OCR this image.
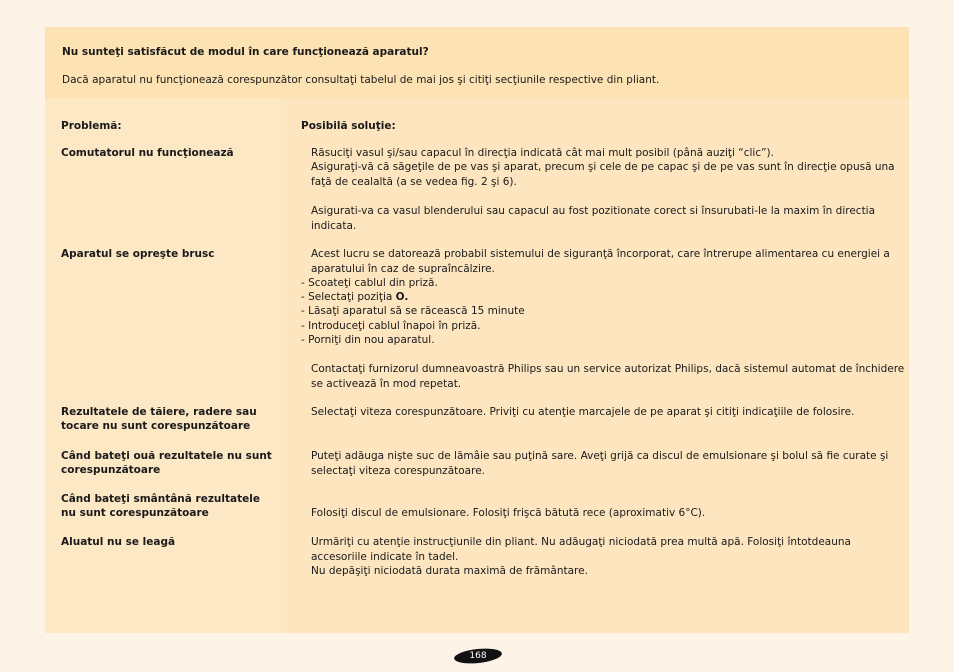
Nu sunteţi satisfăcut de modul în care funcţionează aparatul?
Dacă aparatul nu funcţionează corespunzător consultaţi tabelul de mai jos şi citiţi secţiunile respective din pliant.
Problemă:	Posibilă soluţie:
Comutatorul nu funcţionează
Aparatul se opreşte brusc
Rezultatele de tăiere, radere sau tocare nu sunt corespunzătoare
Când bateţi ouă rezultatele nu sunt corespunzătoare
Când bateţi smântână rezultatele nu sunt corespunzătoare
Aluatul nu se leagă
Răsuciţi vasul şi/sau capacul în direcţia indicată cât mai mult posibil (până auziţi “clic”).
Asiguraţi-vă că săgeţile de pe vas şi aparat, precum şi cele de pe capac şi de pe vas sunt în direcţie opusă una faţă de cealaltă (a se vedea fig. 2 şi 6).
Asigurati-va ca vasul blenderului sau capacul au fost pozitionate corect si însurubati-le la maxim în directia indicata.
Acest lucru se datorează probabil sistemului de siguranţă încorporat, care întrerupe alimentarea cu energiei a aparatului în caz de supraîncălzire.
- Scoateţi cablul din priză.
- Selectaţi poziţia O.
- Lăsaţi aparatul să se răcească 15 minute
- Introduceţi cablul înapoi în priză.
- Porniţi din nou aparatul.
Contactaţi furnizorul dumneavoastră Philips sau un service autorizat Philips, dacă sistemul automat de închidere se activează în mod repetat.
Selectaţi viteza corespunzătoare. Priviţi cu atenţie marcajele de pe aparat şi citiţi indicaţiile de folosire.
Puteţi adăuga nişte suc de lămâie sau puţină sare. Aveţi grijă ca discul de emulsionare şi bolul să fie curate şi selectaţi viteza corespunzătoare.
Folosiţi discul de emulsionare. Folosiţi frişcă bătută rece (aproximativ 6°C).
Urmăriţi cu atenţie instrucţiunile din pliant. Nu adăugaţi niciodată prea multă apă. Folosiţi întotdeauna accesoriile indicate în tadel.
Nu depăşiţi niciodată durata maximă de frământare.
168
